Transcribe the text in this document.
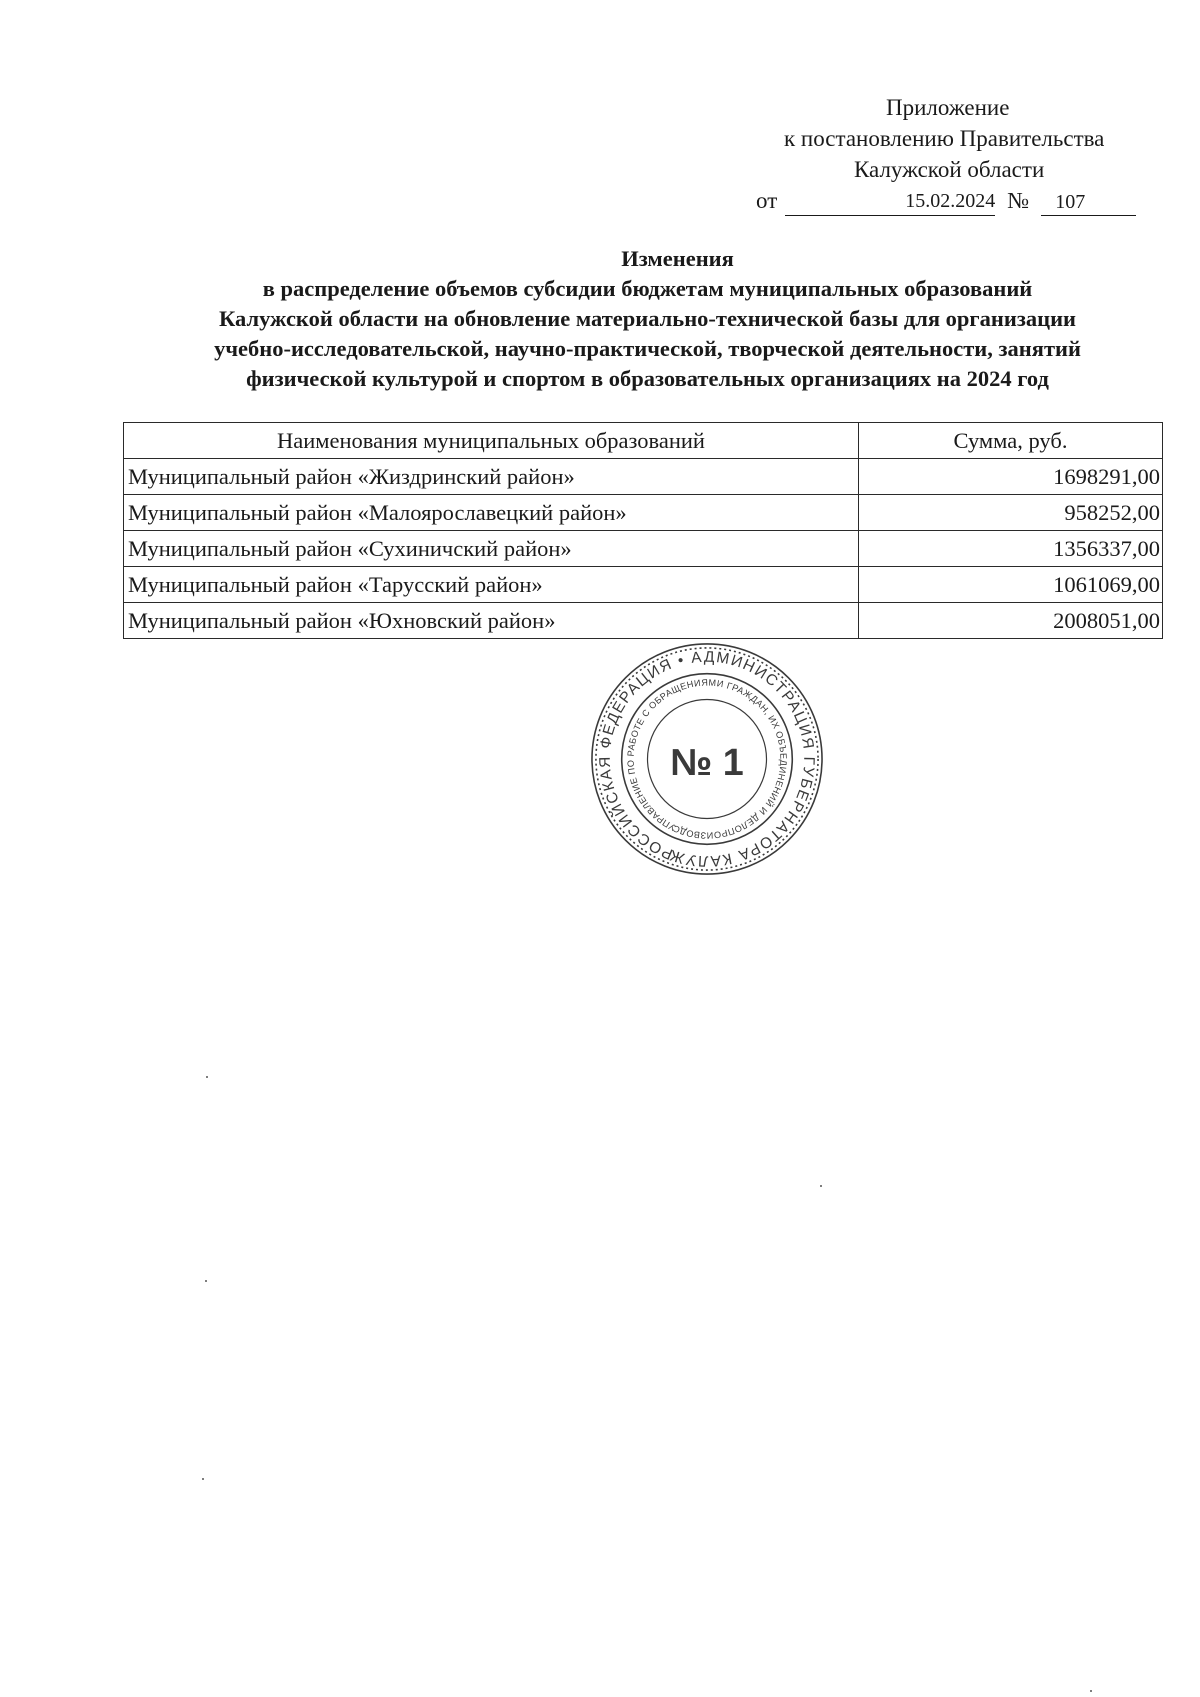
Приложение
к постановлению Правительства
Калужской области
от	15.02.2024 №	107
Изменения
в распределение объемов субсидии бюджетам муниципальных образований
Калужской области на обновление материально-технической базы для организации
учебно-исследовательской, научно-практической, творческой деятельности, занятий
физической культурой и спортом в образовательных организациях на 2024 год
Наименования муниципальных образований	Сумма, руб.
Муниципальный район «Жиздринский район»	1698291,00
Муниципальный район «Малоярославецкий район»	958252,00
Муниципальный район «Сухиничский район»	1356337,00
Муниципальный район «Тарусский район»	1061069,00
Муниципальный район «Юхновский район»	2008051,00
РОССИЙСКАЯ ФЕДЕРАЦИЯ • АДМИНИСТРАЦИЯ ГУБЕРНАТОРА КАЛУЖСКОЙ	УПРАВЛЕНИЕ ПО РАБОТЕ С ОБРАЩЕНИЯМИ ГРАЖДАН, ИХ ОБЪЕДИНЕНИЙ И ДЕЛОПРОИЗВОДСТВА
№ 1
